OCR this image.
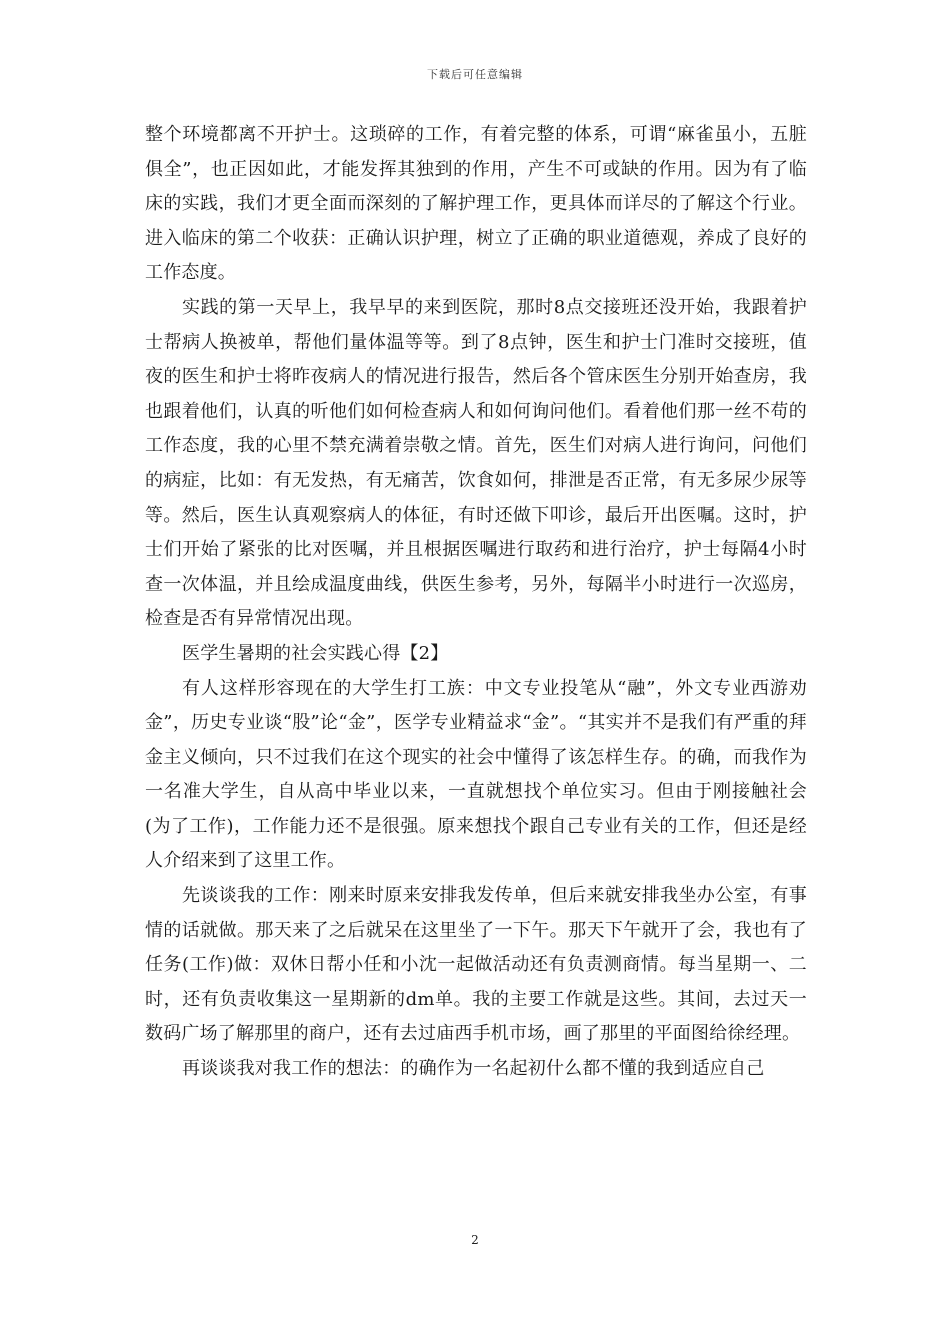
下载后可任意编辑

整个环境都离不开护士。这琐碎的工作，有着完整的体系，可谓“麻雀虽小，五脏俱全”，也正因如此，才能发挥其独到的作用，产生不可或缺的作用。因为有了临床的实践，我们才更全面而深刻的了解护理工作，更具体而详尽的了解这个行业。进入临床的第二个收获：正确认识护理，树立了正确的职业道德观，养成了良好的工作态度。

实践的第一天早上，我早早的来到医院，那时8点交接班还没开始，我跟着护士帮病人换被单，帮他们量体温等等。到了8点钟，医生和护士门准时交接班，值夜的医生和护士将昨夜病人的情况进行报告，然后各个管床医生分别开始查房，我也跟着他们，认真的听他们如何检查病人和如何询问他们。看着他们那一丝不苟的工作态度，我的心里不禁充满着崇敬之情。首先，医生们对病人进行询问，问他们的病症，比如：有无发热，有无痛苦，饮食如何，排泄是否正常，有无多尿少尿等等。然后，医生认真观察病人的体征，有时还做下叩诊，最后开出医嘱。这时，护士们开始了紧张的比对医嘱，并且根据医嘱进行取药和进行治疗，护士每隔4小时查一次体温，并且绘成温度曲线，供医生参考，另外，每隔半小时进行一次巡房，检查是否有异常情况出现。

医学生暑期的社会实践心得【2】

有人这样形容现在的大学生打工族：中文专业投笔从“融”，外文专业西游劝金”，历史专业谈“股”论“金”，医学专业精益求“金”。“其实并不是我们有严重的拜金主义倾向，只不过我们在这个现实的社会中懂得了该怎样生存。的确，而我作为一名准大学生，自从高中毕业以来，一直就想找个单位实习。但由于刚接触社会(为了工作)，工作能力还不是很强。原来想找个跟自己专业有关的工作，但还是经人介绍来到了这里工作。

先谈谈我的工作：刚来时原来安排我发传单，但后来就安排我坐办公室，有事情的话就做。那天来了之后就呆在这里坐了一下午。那天下午就开了会，我也有了任务(工作)做：双休日帮小任和小沈一起做活动还有负责测商情。每当星期一、二时，还有负责收集这一星期新的dm单。我的主要工作就是这些。其间，去过天一数码广场了解那里的商户，还有去过庙西手机市场，画了那里的平面图给徐经理。

再谈谈我对我工作的想法：的确作为一名起初什么都不懂的我到适应自己

2
